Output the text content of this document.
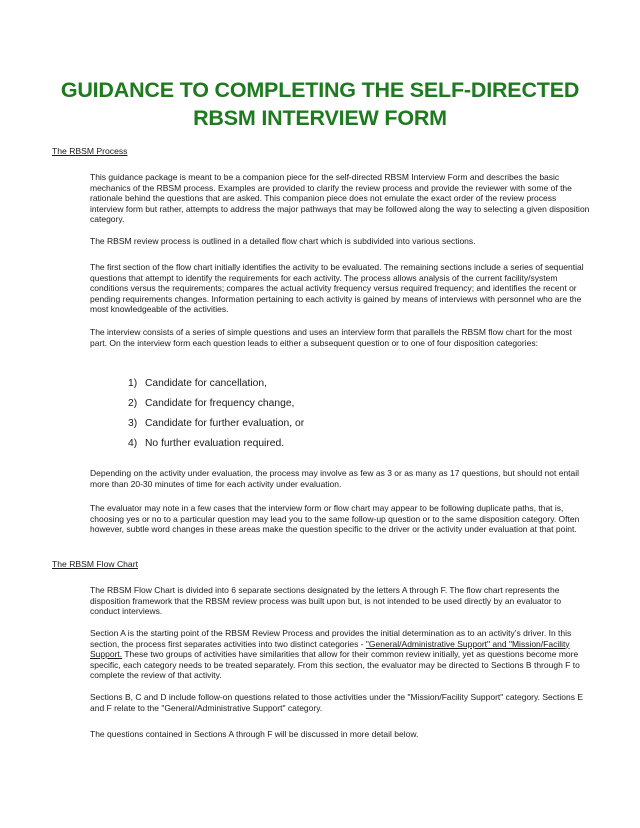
GUIDANCE TO COMPLETING THE SELF-DIRECTED RBSM INTERVIEW FORM

The RBSM Process

This guidance package is meant to be a companion piece for the self-directed RBSM Interview Form and describes the basic mechanics of the RBSM process. Examples are provided to clarify the review process and provide the reviewer with some of the rationale behind the questions that are asked. This companion piece does not emulate the exact order of the review process interview form but rather, attempts to address the major pathways that may be followed along the way to selecting a given disposition category.

The RBSM review process is outlined in a detailed flow chart which is subdivided into various sections.

The first section of the flow chart initially identifies the activity to be evaluated. The remaining sections include a series of sequential questions that attempt to identify the requirements for each activity. The process allows analysis of the current facility/system conditions versus the requirements; compares the actual activity frequency versus required frequency; and identifies the recent or pending requirements changes. Information pertaining to each activity is gained by means of interviews with personnel who are the most knowledgeable of the activities.

The interview consists of a series of simple questions and uses an interview form that parallels the RBSM flow chart for the most part. On the interview form each question leads to either a subsequent question or to one of four disposition categories:

1) Candidate for cancellation,
2) Candidate for frequency change,
3) Candidate for further evaluation, or
4) No further evaluation required.

Depending on the activity under evaluation, the process may involve as few as 3 or as many as 17 questions, but should not entail more than 20-30 minutes of time for each activity under evaluation.

The evaluator may note in a few cases that the interview form or flow chart may appear to be following duplicate paths, that is, choosing yes or no to a particular question may lead you to the same follow-up question or to the same disposition category. Often however, subtle word changes in these areas make the question specific to the driver or the activity under evaluation at that point.

The RBSM Flow Chart

The RBSM Flow Chart is divided into 6 separate sections designated by the letters A through F. The flow chart represents the disposition framework that the RBSM review process was built upon but, is not intended to be used directly by an evaluator to conduct interviews.

Section A is the starting point of the RBSM Review Process and provides the initial determination as to an activity’s driver. In this section, the process first separates activities into two distinct categories - "General/Administrative Support" and "Mission/Facility Support. These two groups of activities have similarities that allow for their common review initially, yet as questions become more specific, each category needs to be treated separately. From this section, the evaluator may be directed to Sections B through F to complete the review of that activity.

Sections B, C and D include follow-on questions related to those activities under the "Mission/Facility Support" category. Sections E and F relate to the "General/Administrative Support" category.

The questions contained in Sections A through F will be discussed in more detail below.
